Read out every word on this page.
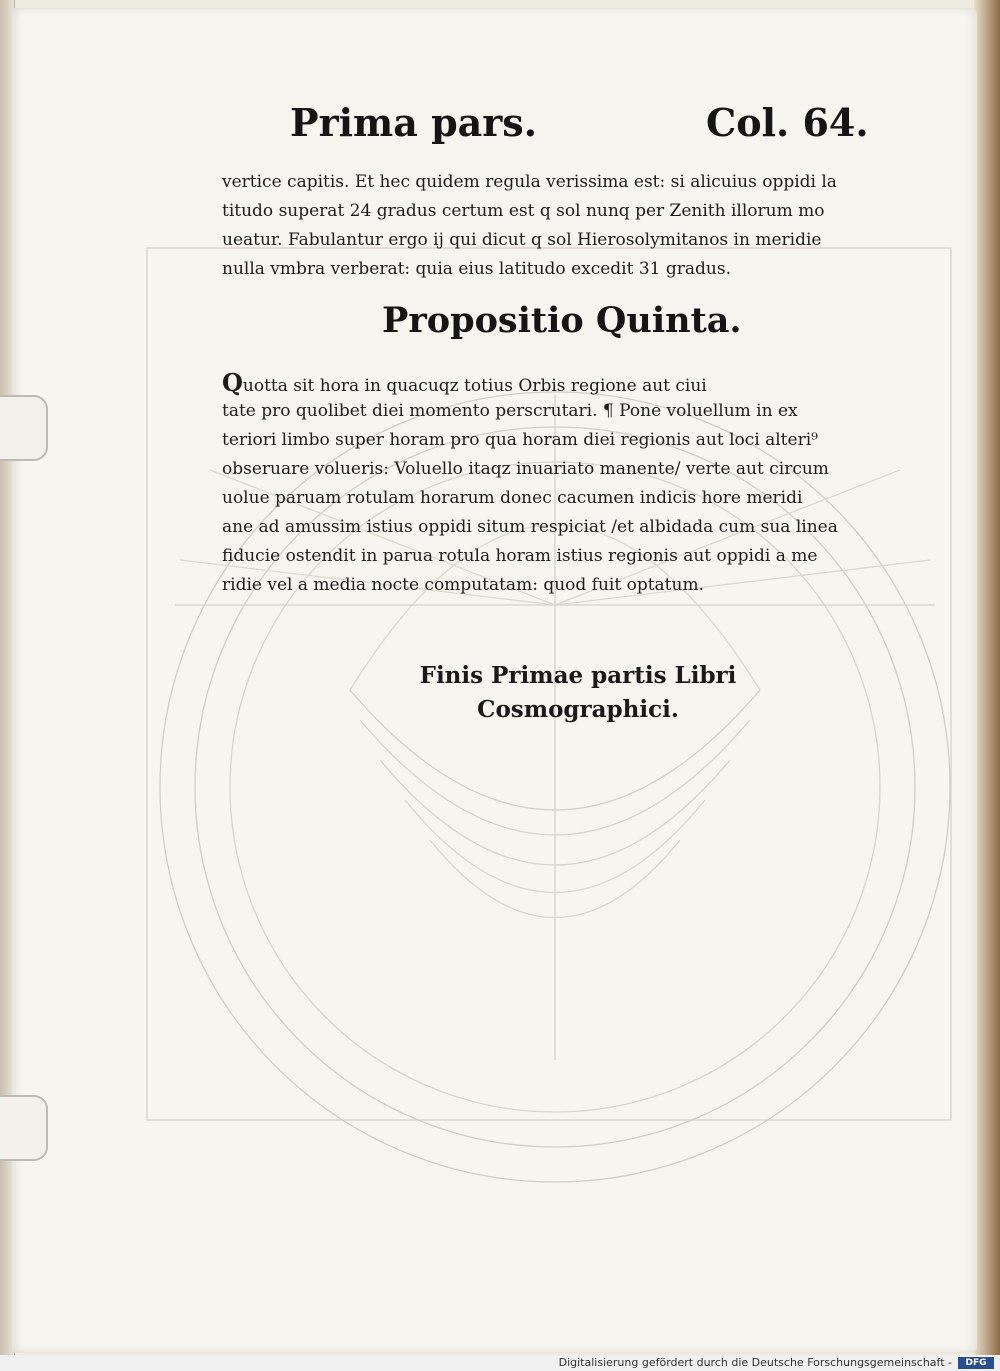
Prima pars.	Col. 64.
vertice capitis. Et hec quidem regula verissima est: si alicuius oppidi la
titudo superat 24 gradus certum est q sol nunq per Zenith illorum mo
ueatur. Fabulantur ergo ij qui dicut q sol Hierosolymitanos in meridie
nulla vmbra verberat: quia eius latitudo excedit 31 gradus.
Propositio Quinta.
Quotta sit hora in quacuqz totius Orbis regione aut ciui
tate pro quolibet diei momento perscrutari. ¶ Pone voluellum in ex
teriori limbo super horam pro qua horam diei regionis aut loci alteri⁹
obseruare volueris: Voluello itaqz inuariato manente/ verte aut circum
uolue paruam rotulam horarum donec cacumen indicis hore meridi
ane ad amussim istius oppidi situm respiciat /et albidada cum sua linea
fiducie ostendit in parua rotula horam istius regionis aut oppidi a me
ridie vel a media nocte computatam: quod fuit optatum.
Finis Primae partis Libri
Cosmographici.
Digitalisierung gefördert durch die Deutsche Forschungsgemeinschaft -	DFG
